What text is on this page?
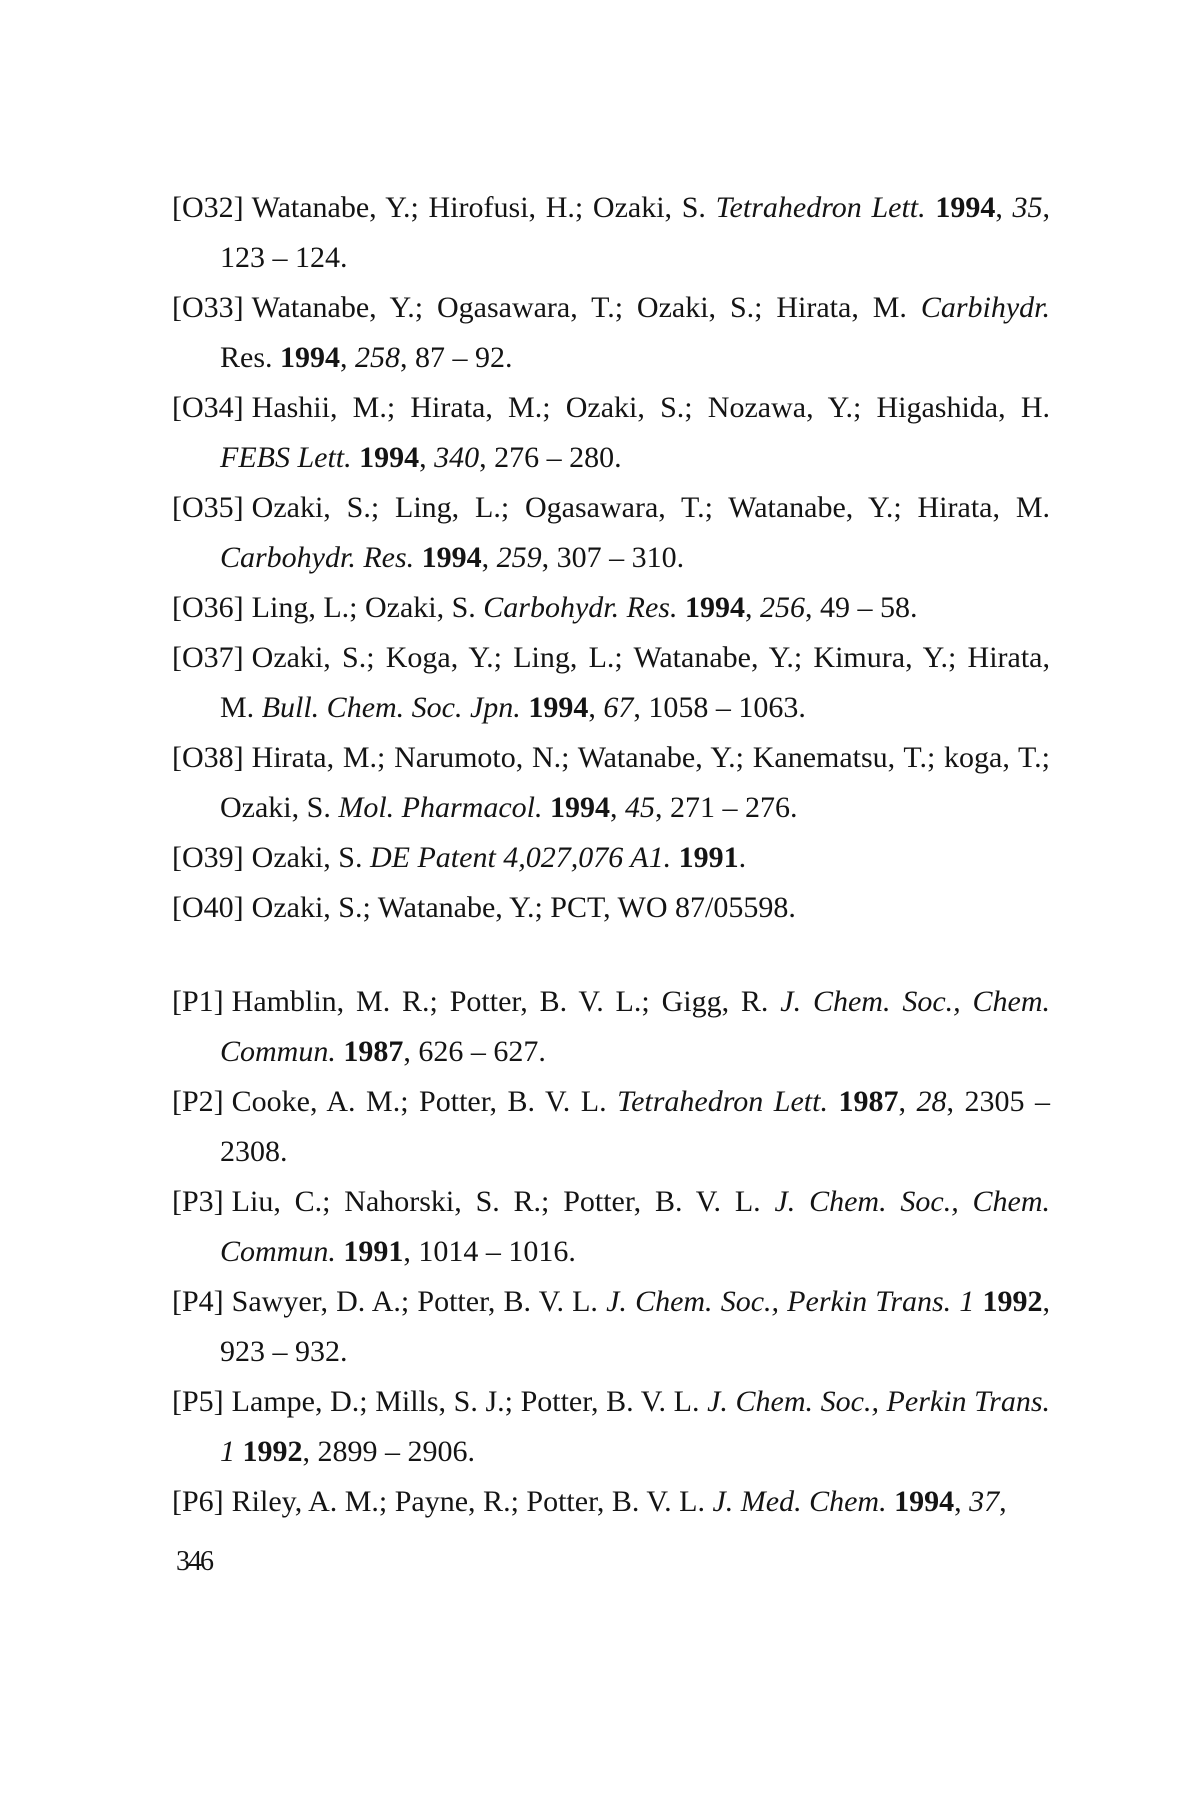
[O32] Watanabe, Y.; Hirofusi, H.; Ozaki, S. Tetrahedron Lett. 1994, 35, 123 – 124.

[O33] Watanabe, Y.; Ogasawara, T.; Ozaki, S.; Hirata, M. Carbihydr. Res. 1994, 258, 87 – 92.

[O34] Hashii, M.; Hirata, M.; Ozaki, S.; Nozawa, Y.; Higashida, H. FEBS Lett. 1994, 340, 276 – 280.

[O35] Ozaki, S.; Ling, L.; Ogasawara, T.; Watanabe, Y.; Hirata, M. Carbohydr. Res. 1994, 259, 307 – 310.

[O36] Ling, L.; Ozaki, S. Carbohydr. Res. 1994, 256, 49 – 58.

[O37] Ozaki, S.; Koga, Y.; Ling, L.; Watanabe, Y.; Kimura, Y.; Hirata, M. Bull. Chem. Soc. Jpn. 1994, 67, 1058 – 1063.

[O38] Hirata, M.; Narumoto, N.; Watanabe, Y.; Kanematsu, T.; koga, T.; Ozaki, S. Mol. Pharmacol. 1994, 45, 271 – 276.

[O39] Ozaki, S. DE Patent 4,027,076 A1. 1991.

[O40] Ozaki, S.; Watanabe, Y.; PCT, WO 87/05598.

[P1] Hamblin, M. R.; Potter, B. V. L.; Gigg, R. J. Chem. Soc., Chem. Commun. 1987, 626 – 627.

[P2] Cooke, A. M.; Potter, B. V. L. Tetrahedron Lett. 1987, 28, 2305 – 2308.

[P3] Liu, C.; Nahorski, S. R.; Potter, B. V. L. J. Chem. Soc., Chem. Commun. 1991, 1014 – 1016.

[P4] Sawyer, D. A.; Potter, B. V. L. J. Chem. Soc., Perkin Trans. 1 1992, 923 – 932.

[P5] Lampe, D.; Mills, S. J.; Potter, B. V. L. J. Chem. Soc., Perkin Trans. 1 1992, 2899 – 2906.

[P6] Riley, A. M.; Payne, R.; Potter, B. V. L. J. Med. Chem. 1994, 37,

346
